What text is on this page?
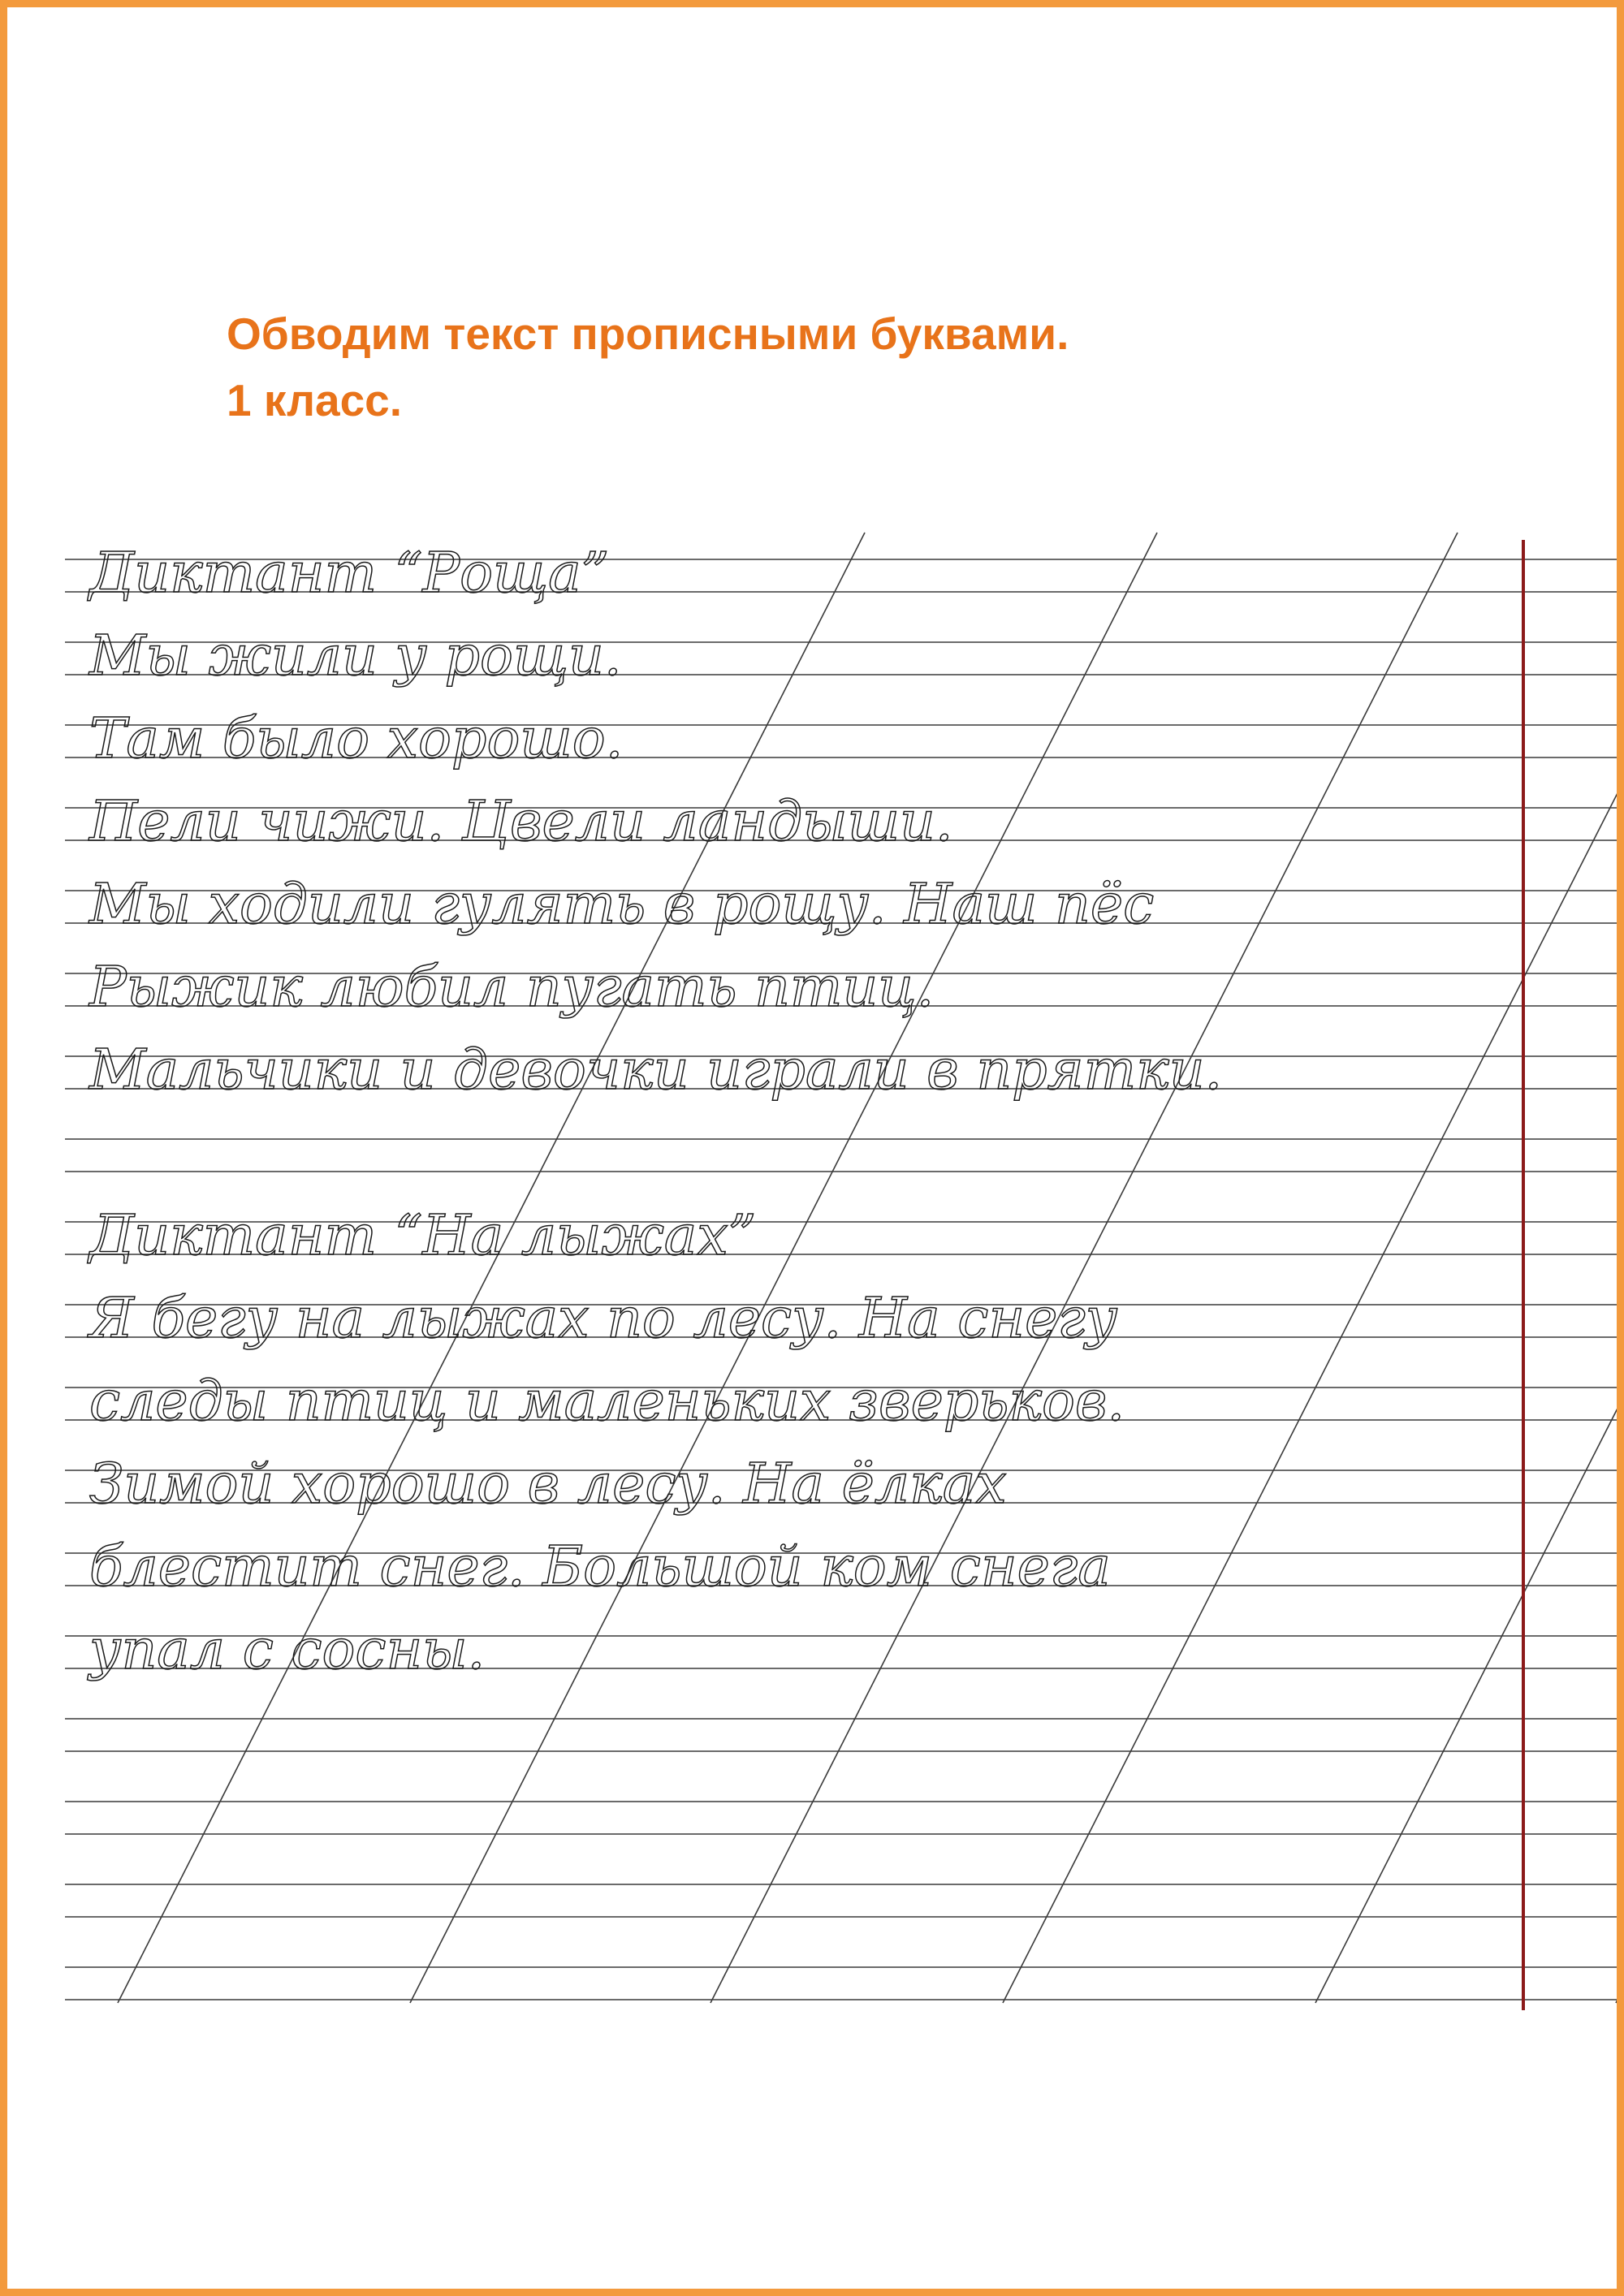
Обводим текст прописными буквами.
1 класс.
Диктант “Роща”
Мы жили у рощи.
Там было хорошо.
Пели чижи. Цвели ландыши.
Мы ходили гулять в рощу. Наш пёс
Рыжик любил пугать птиц.
Мальчики и девочки играли в прятки.
Диктант “На лыжах”
Я бегу на лыжах по лесу. На снегу
следы птиц и маленьких зверьков.
Зимой хорошо в лесу. На ёлках
блестит снег. Большой ком снега
упал с сосны.
